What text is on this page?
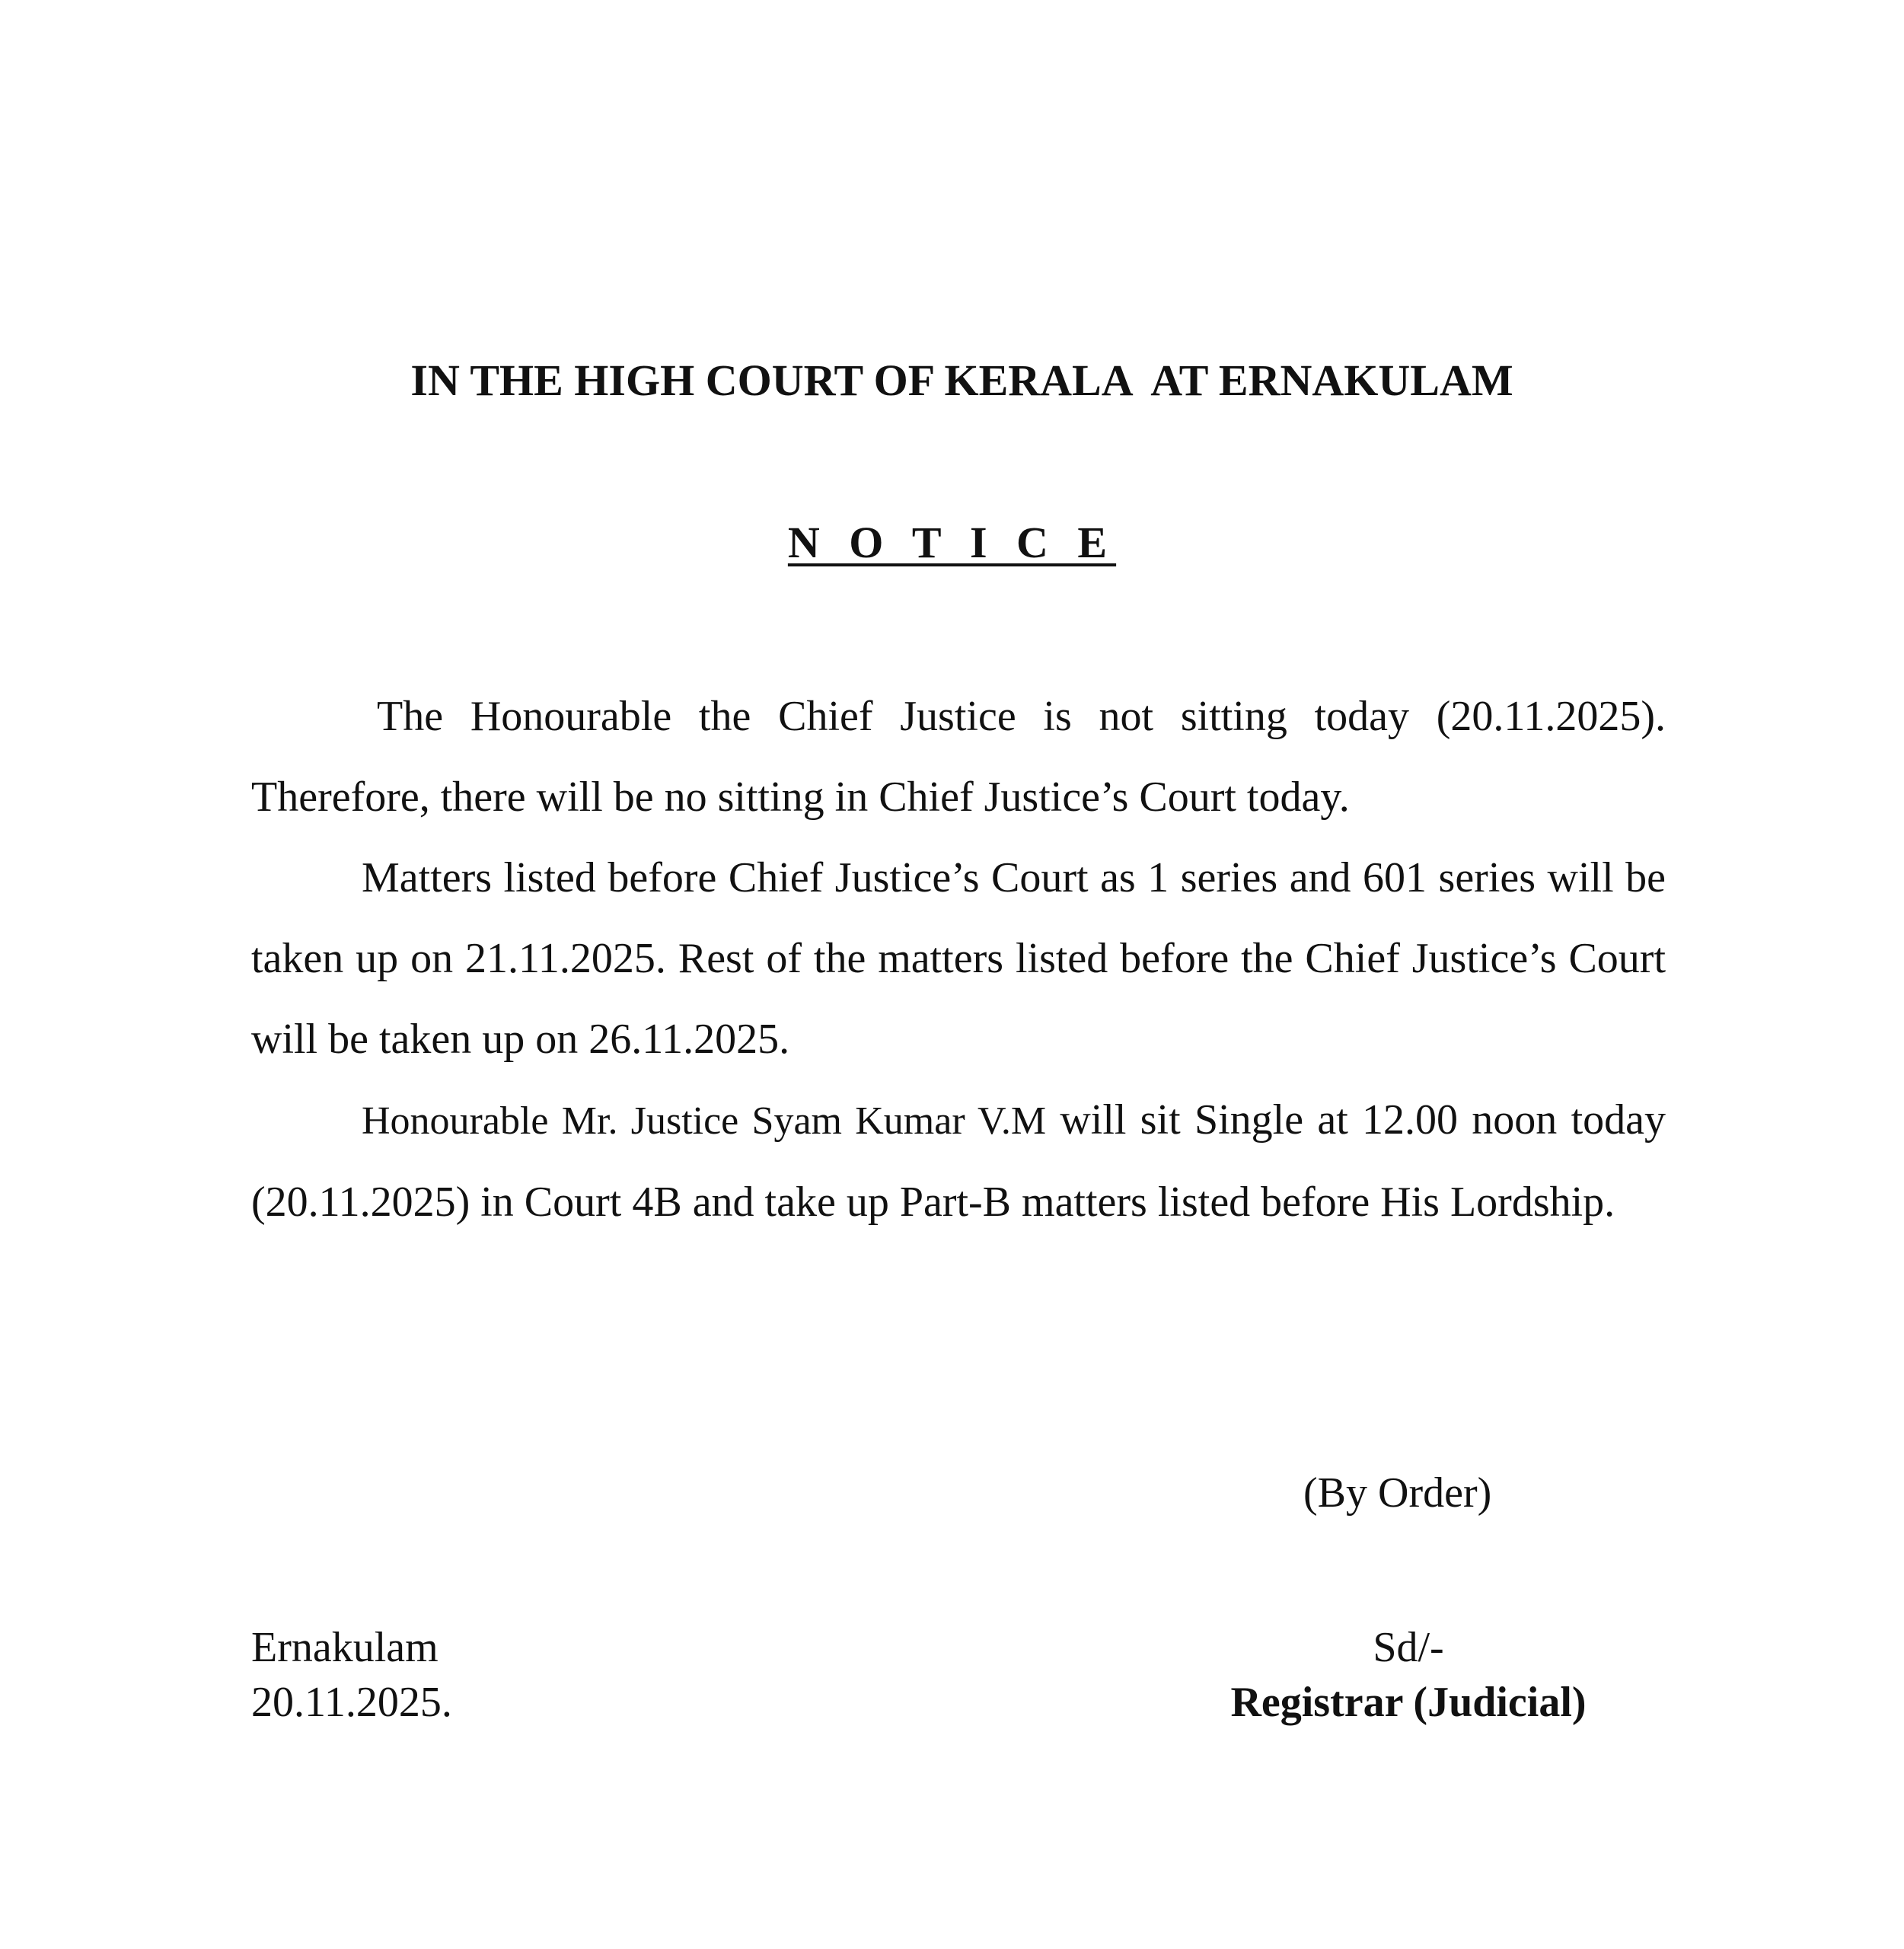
IN THE HIGH COURT OF KERALA  AT ERNAKULAM
N O T I C E

The Honourable the Chief Justice is not sitting today (20.11.2025). Therefore, there will be no sitting in Chief Justice’s Court today.

Matters listed before Chief Justice’s Court as 1 series and 601 series will be taken up on 21.11.2025. Rest of the matters listed before the Chief Justice’s Court will be taken up on 26.11.2025.

Honourable Mr. Justice Syam Kumar V.M will sit Single at 12.00 noon today (20.11.2025) in Court 4B and take up Part-B matters listed before His Lordship.

(By Order)

Ernakulam
20.11.2025.
Sd/-
Registrar (Judicial)
